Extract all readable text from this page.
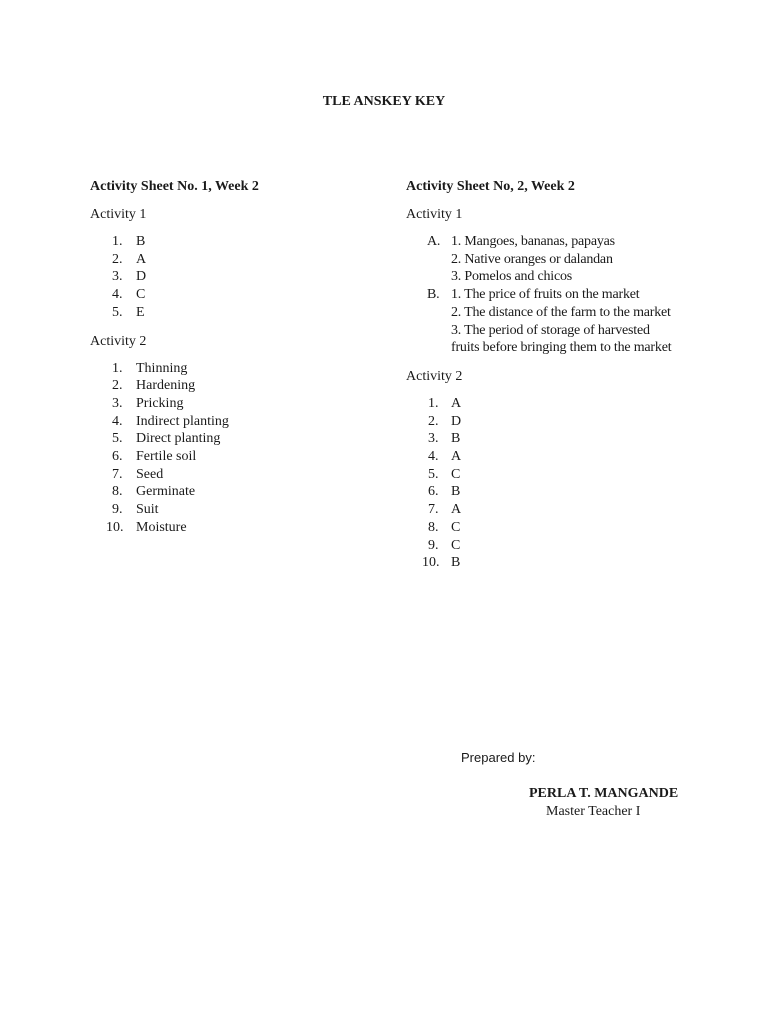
TLE ANSKEY KEY

Activity Sheet No. 1, Week 2

Activity 1

1. B
2. A
3. D
4. C
5. E

Activity 2

1. Thinning
2. Hardening
3. Pricking
4. Indirect planting
5. Direct planting
6. Fertile soil
7. Seed
8. Germinate
9. Suit
10. Moisture

Activity Sheet No, 2, Week 2

Activity 1

A. 1. Mangoes, bananas, papayas
2. Native oranges or dalandan
3. Pomelos and chicos
B. 1. The price of fruits on the market
2. The distance of the farm to the market
3. The period of storage of harvested
fruits before bringing them to the market

Activity 2

1. A
2. D
3. B
4. A
5. C
6. B
7. A
8. C
9. C
10. B
Prepared by:
PERLA T. MANGANDE
Master Teacher I
